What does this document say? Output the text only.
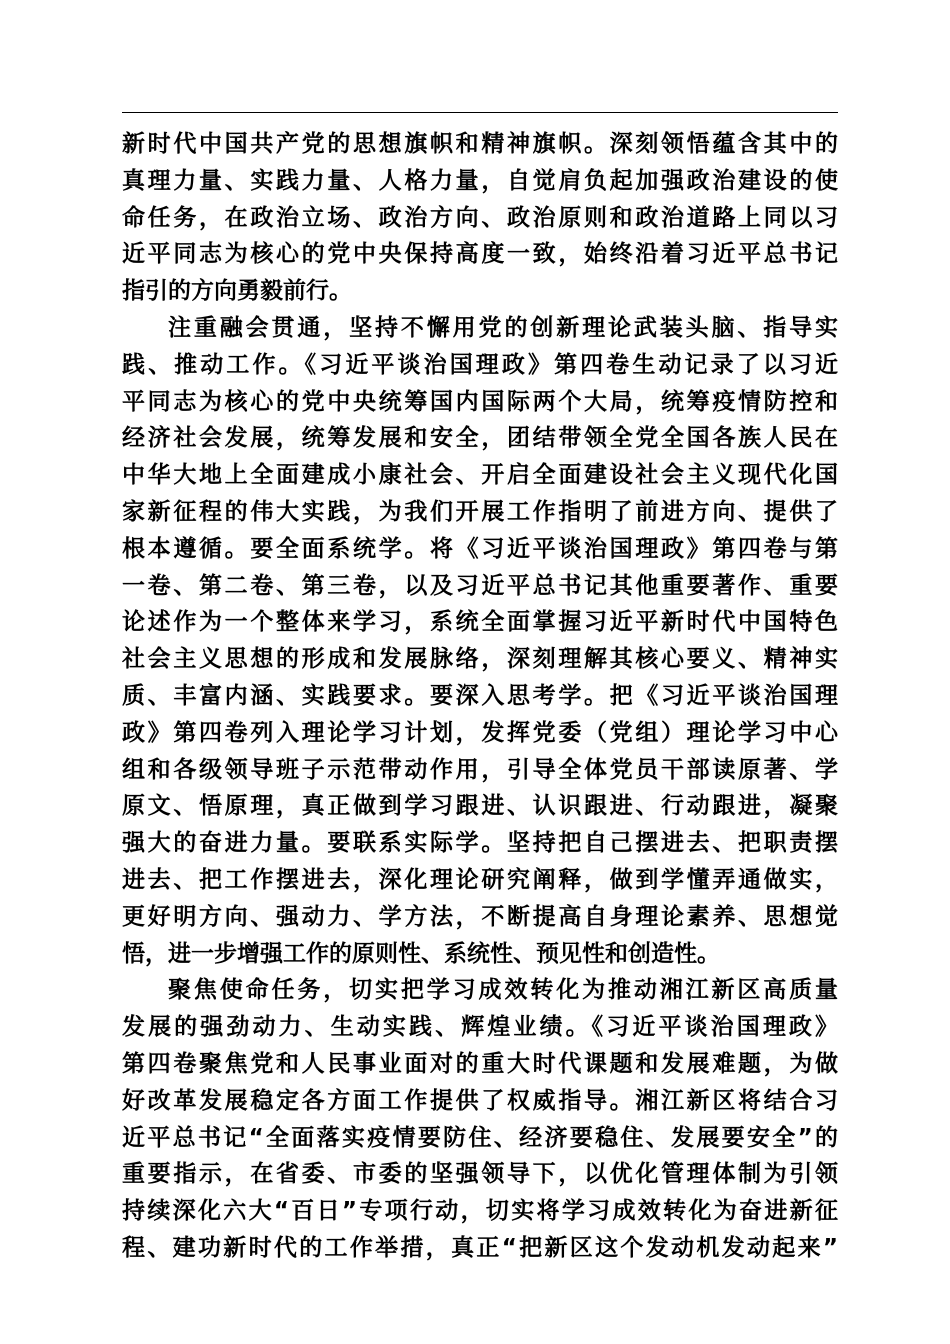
新时代中国共产党的思想旗帜和精神旗帜。深刻领悟蕴含其中的
真理力量、实践力量、人格力量，自觉肩负起加强政治建设的使
命任务，在政治立场、政治方向、政治原则和政治道路上同以习
近平同志为核心的党中央保持高度一致，始终沿着习近平总书记
指引的方向勇毅前行。
注重融会贯通，坚持不懈用党的创新理论武装头脑、指导实
践、推动工作。《习近平谈治国理政》第四卷生动记录了以习近
平同志为核心的党中央统筹国内国际两个大局，统筹疫情防控和
经济社会发展，统筹发展和安全，团结带领全党全国各族人民在
中华大地上全面建成小康社会、开启全面建设社会主义现代化国
家新征程的伟大实践，为我们开展工作指明了前进方向、提供了
根本遵循。要全面系统学。将《习近平谈治国理政》第四卷与第
一卷、第二卷、第三卷，以及习近平总书记其他重要著作、重要
论述作为一个整体来学习，系统全面掌握习近平新时代中国特色
社会主义思想的形成和发展脉络，深刻理解其核心要义、精神实
质、丰富内涵、实践要求。要深入思考学。把《习近平谈治国理
政》第四卷列入理论学习计划，发挥党委（党组）理论学习中心
组和各级领导班子示范带动作用，引导全体党员干部读原著、学
原文、悟原理，真正做到学习跟进、认识跟进、行动跟进，凝聚
强大的奋进力量。要联系实际学。坚持把自己摆进去、把职责摆
进去、把工作摆进去，深化理论研究阐释，做到学懂弄通做实，
更好明方向、强动力、学方法，不断提高自身理论素养、思想觉
悟，进一步增强工作的原则性、系统性、预见性和创造性。
聚焦使命任务，切实把学习成效转化为推动湘江新区高质量
发展的强劲动力、生动实践、辉煌业绩。《习近平谈治国理政》
第四卷聚焦党和人民事业面对的重大时代课题和发展难题，为做
好改革发展稳定各方面工作提供了权威指导。湘江新区将结合习
近平总书记“全面落实疫情要防住、经济要稳住、发展要安全”的
重要指示，在省委、市委的坚强领导下，以优化管理体制为引领
持续深化六大“百日”专项行动，切实将学习成效转化为奋进新征
程、建功新时代的工作举措，真正“把新区这个发动机发动起来”
